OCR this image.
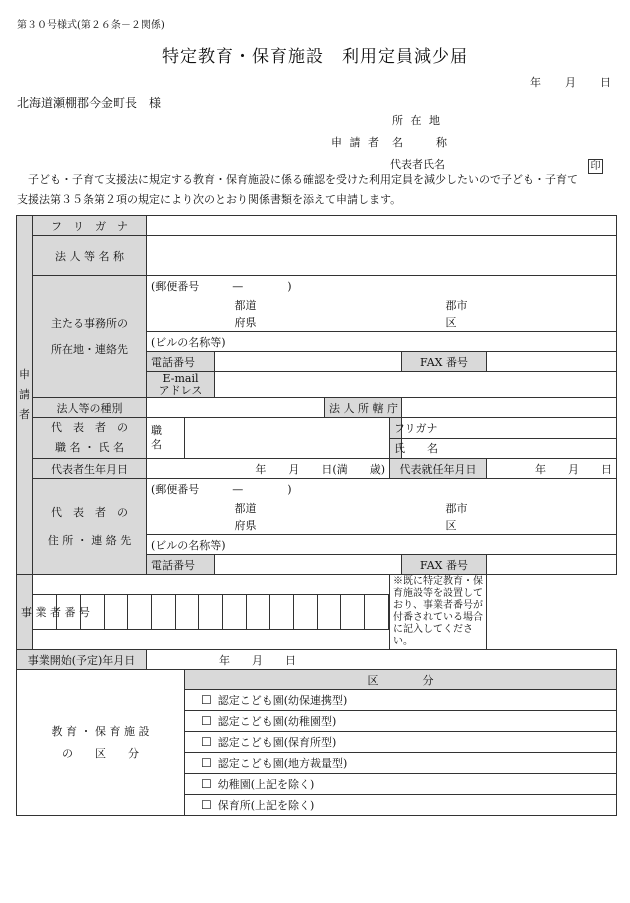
第３０号様式(第２６条－２関係)
特定教育・保育施設　利用定員減少届
年 月 日
北海道瀬棚郡今金町長　様
所 在 地
申 請 者 名　　　称
代表者氏名	印
　子ども・子育て支援法に規定する教育・保育施設に係る確認を受けた利用定員を減少したいので子ども・子育て
支援法第３５条第２項の規定により次のとおり関係書類を添えて申請します。
申
請
者	フ　リ　ガ　ナ	
法 人 等 名 称	
主たる事務所の
所在地・連絡先	(郵便番号　　　—　　　　)
	都道	郡市
	府県	区
(ビルの名称等)
電話番号		FAX 番号	
E-mail
アドレス	
法人等の種別		法 人 所 轄 庁	
代　表　者　の
職 名 ・ 氏 名	職
名		フリガナ	
氏　　名	
代表者生年月日	年　　月　　日(満　　歳)	代表就任年月日	年　　月　　日
代　表　者　の
住 所 ・ 連 絡 先	(郵便番号　　　—　　　　)
	都道	郡市
	府県	区
(ビルの名称等)
電話番号		FAX 番号	
事 業 者 番 号	

	※既に特定教育・保育施設等を設置しており、事業者番号が付番されている場合に記入してください。
事業開始(予定)年月日	年　　月　　日
教 育 ・ 保 育 施 設
の　　区　　分	区　　　　分
☐ 認定こども園(幼保連携型)
☐ 認定こども園(幼稚園型)
☐ 認定こども園(保育所型)
☐ 認定こども園(地方裁量型)
☐ 幼稚園(上記を除く)
☐ 保育所(上記を除く)
